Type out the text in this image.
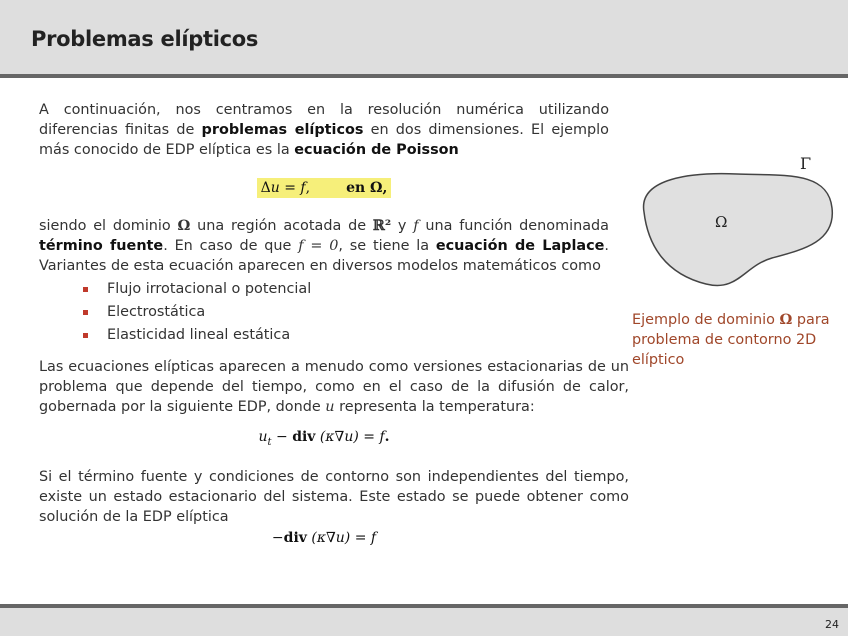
Problemas elípticos

A continuación, nos centramos en la resolución numérica utilizando diferencias finitas de problemas elípticos en dos dimensiones. El ejemplo más conocido de EDP elíptica es la ecuación de Poisson

Δu = f,	en Ω,

siendo el dominio Ω una región acotada de ℝ² y f una función denominada término fuente. En caso de que f = 0, se tiene la ecuación de Laplace. Variantes de esta ecuación aparecen en diversos modelos matemáticos como

Flujo irrotacional o potencial
Electrostática
Elasticidad lineal estática

Las ecuaciones elípticas aparecen a menudo como versiones estacionarias de un problema que depende del tiempo, como en el caso de la difusión de calor, gobernada por la siguiente EDP, donde u representa la temperatura:

$u_t$ − div (κ∇u) = f.

Si el término fuente y condiciones de contorno son independientes del tiempo, existe un estado estacionario del sistema. Este estado se puede obtener como solución de la EDP elíptica

−div (κ∇u) = f
Γ
Ω
Ejemplo de dominio Ω para problema de contorno 2D elíptico
24
